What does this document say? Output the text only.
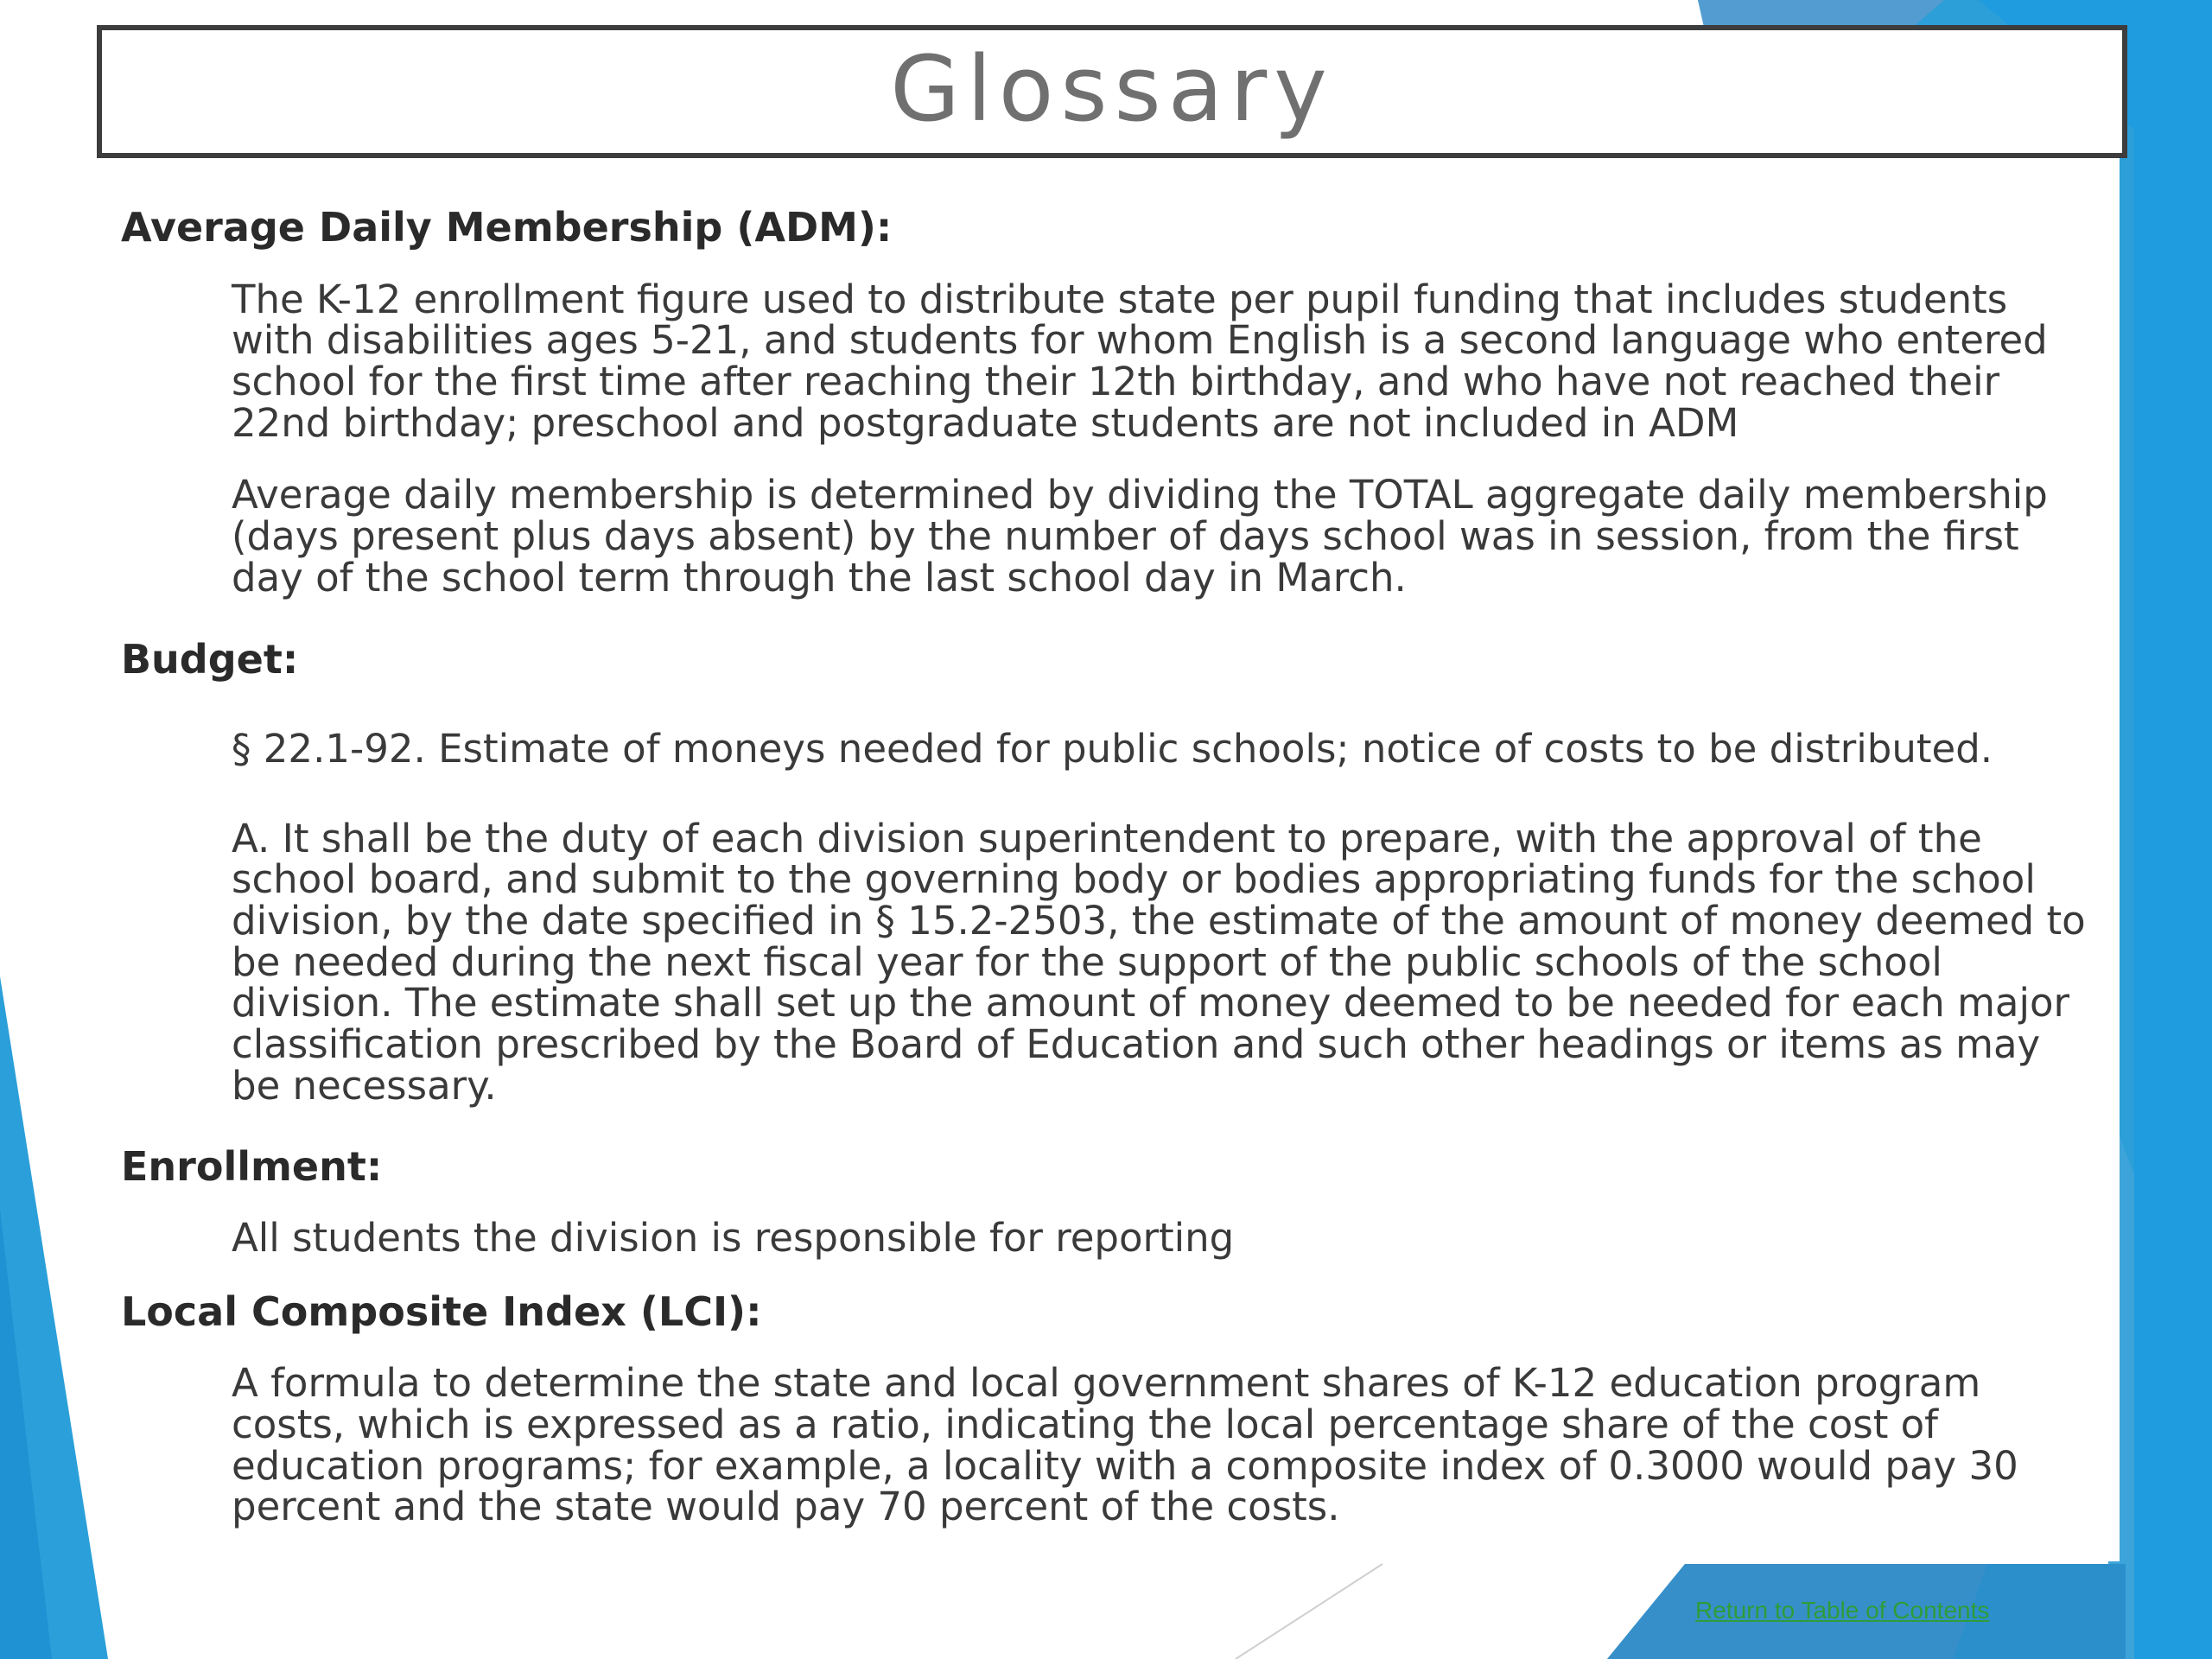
Glossary

Average Daily Membership (ADM):

The K-12 enrollment figure used to distribute state per pupil funding that includes students with disabilities ages 5-21, and students for whom English is a second language who entered school for the first time after reaching their 12th birthday, and who have not reached their 22nd birthday; preschool and postgraduate students are not included in ADM

Average daily membership is determined by dividing the TOTAL aggregate daily membership (days present plus days absent) by the number of days school was in session, from the first day of the school term through the last school day in March.

Budget:

§ 22.1-92. Estimate of moneys needed for public schools; notice of costs to be distributed.

A. It shall be the duty of each division superintendent to prepare, with the approval of the school board, and submit to the governing body or bodies appropriating funds for the school division, by the date specified in § 15.2-2503, the estimate of the amount of money deemed to be needed during the next fiscal year for the support of the public schools of the school division. The estimate shall set up the amount of money deemed to be needed for each major classification prescribed by the Board of Education and such other headings or items as may be necessary.

Enrollment:

All students the division is responsible for reporting

Local Composite Index (LCI):

A formula to determine the state and local government shares of K-12 education program costs, which is expressed as a ratio, indicating the local percentage share of the cost of education programs; for example, a locality with a composite index of 0.3000 would pay 30 percent and the state would pay 70 percent of the costs.

Return to Table of Contents
